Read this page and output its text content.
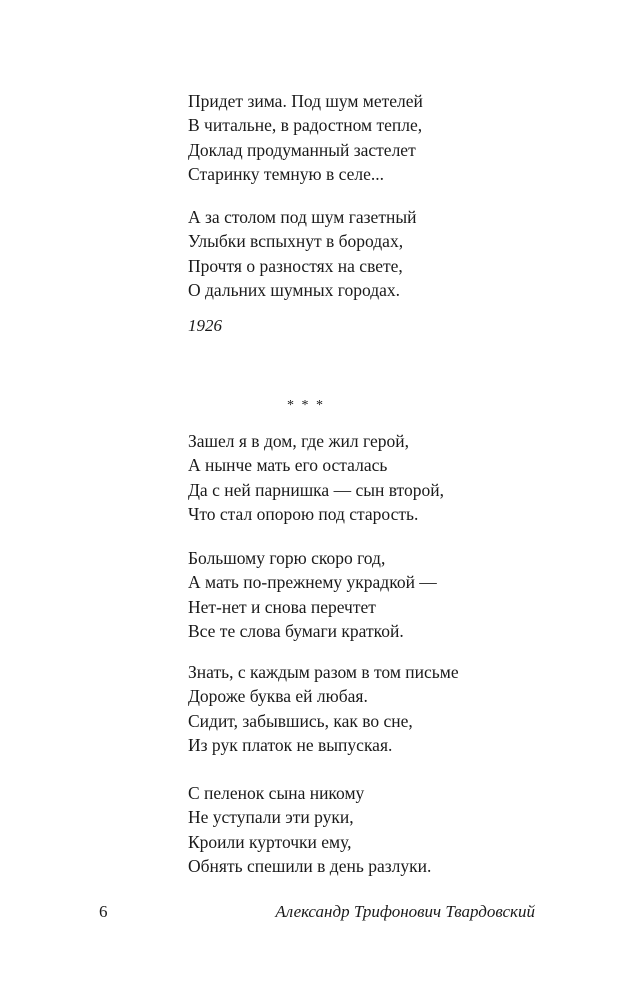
Придет зима. Под шум метелей
В читальне, в радостном тепле,
Доклад продуманный застелет
Старинку темную в селе...
А за столом под шум газетный
Улыбки вспыхнут в бородах,
Прочтя о разностях на свете,
О дальних шумных городах.
1926
* * *
Зашел я в дом, где жил герой,
А нынче мать его осталась
Да с ней парнишка — сын второй,
Что стал опорою под старость.
Большому горю скоро год,
А мать по-прежнему украдкой —
Нет-нет и снова перечтет
Все те слова бумаги краткой.
Знать, с каждым разом в том письме
Дороже буква ей любая.
Сидит, забывшись, как во сне,
Из рук платок не выпуская.
С пеленок сына никому
Не уступали эти руки,
Кроили курточки ему,
Обнять спешили в день разлуки.
6	Александр Трифонович Твардовский
